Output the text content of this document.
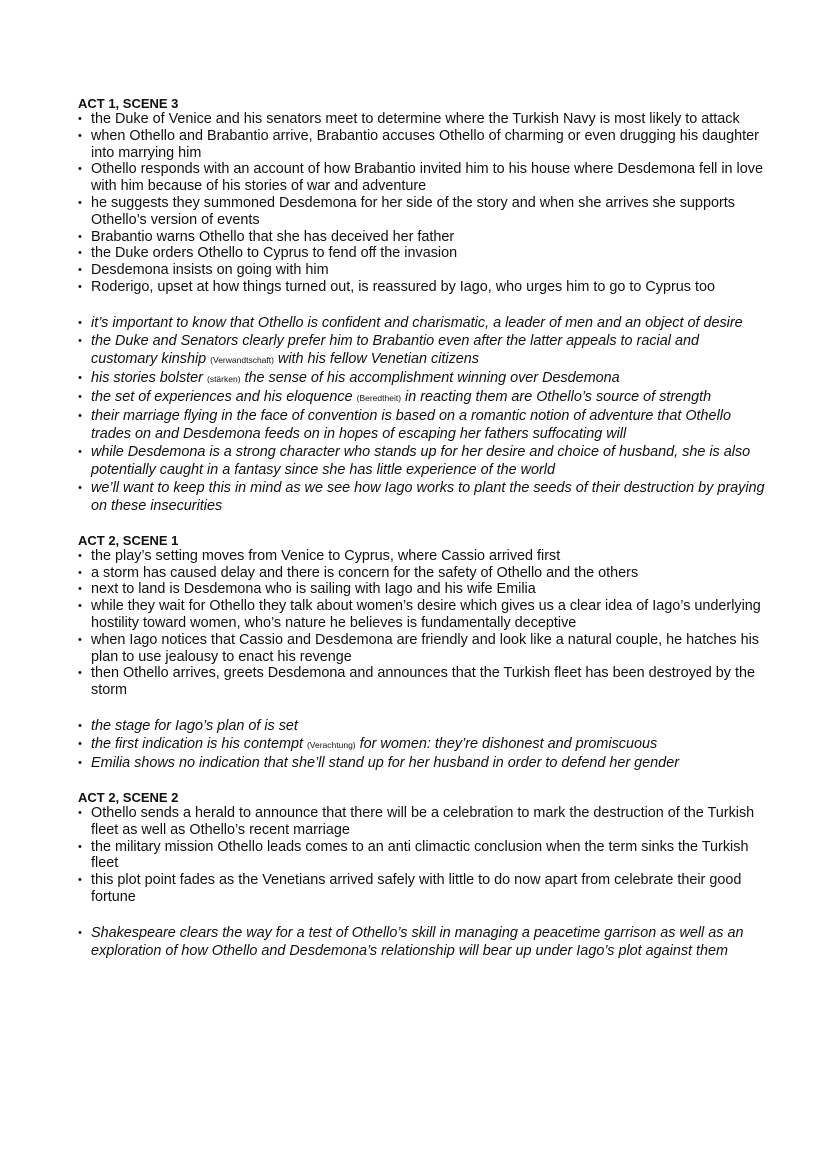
ACT 1, SCENE 3
• the Duke of Venice and his senators meet to determine where the Turkish Navy is most likely to attack
• when Othello and Brabantio arrive, Brabantio accuses Othello of charming or even drugging his daughter into marrying him
• Othello responds with an account of how Brabantio invited him to his house where Desdemona fell in love with him because of his stories of war and adventure
• he suggests they summoned Desdemona for her side of the story and when she arrives she supports Othello’s version of events
• Brabantio warns Othello that she has deceived her father
• the Duke orders Othello to Cyprus to fend off the invasion
• Desdemona insists on going with him
• Roderigo, upset at how things turned out, is reassured by Iago, who urges him to go to Cyprus too
• it’s important to know that Othello is confident and charismatic, a leader of men and an object of desire
• the Duke and Senators clearly prefer him to Brabantio even after the latter appeals to racial and customary kinship (Verwandtschaft) with his fellow Venetian citizens
• his stories bolster (stärken) the sense of his accomplishment winning over Desdemona
• the set of experiences and his eloquence (Beredtheit) in reacting them are Othello’s source of strength
• their marriage flying in the face of convention is based on a romantic notion of adventure that Othello trades on and Desdemona feeds on in hopes of escaping her fathers suffocating will
• while Desdemona is a strong character who stands up for her desire and choice of husband, she is also potentially caught in a fantasy since she has little experience of the world
• we’ll want to keep this in mind as we see how Iago works to plant the seeds of their destruction by praying on these insecurities
ACT 2, SCENE 1
• the play’s setting moves from Venice to Cyprus, where Cassio arrived first
• a storm has caused delay and there is concern for the safety of Othello and the others
• next to land is Desdemona who is sailing with Iago and his wife Emilia
• while they wait for Othello they talk about women’s desire which gives us a clear idea of Iago’s underlying hostility toward women, who’s nature he believes is fundamentally deceptive
• when Iago notices that Cassio and Desdemona are friendly and look like a natural couple, he hatches his plan to use jealousy to enact his revenge
• then Othello arrives, greets Desdemona and announces that the Turkish fleet has been destroyed by the storm
• the stage for Iago’s plan of is set
• the first indication is his contempt (Verachtung) for women: they’re dishonest and promiscuous
• Emilia shows no indication that she’ll stand up for her husband in order to defend her gender
ACT 2, SCENE 2
• Othello sends a herald to announce that there will be a celebration to mark the destruction of the Turkish fleet as well as Othello’s recent marriage
• the military mission Othello leads comes to an anti climactic conclusion when the term sinks the Turkish fleet
• this plot point fades as the Venetians arrived safely with little to do now apart from celebrate their good fortune
• Shakespeare clears the way for a test of Othello’s skill in managing a peacetime garrison as well as an exploration of how Othello and Desdemona’s relationship will bear up under Iago’s plot against them
